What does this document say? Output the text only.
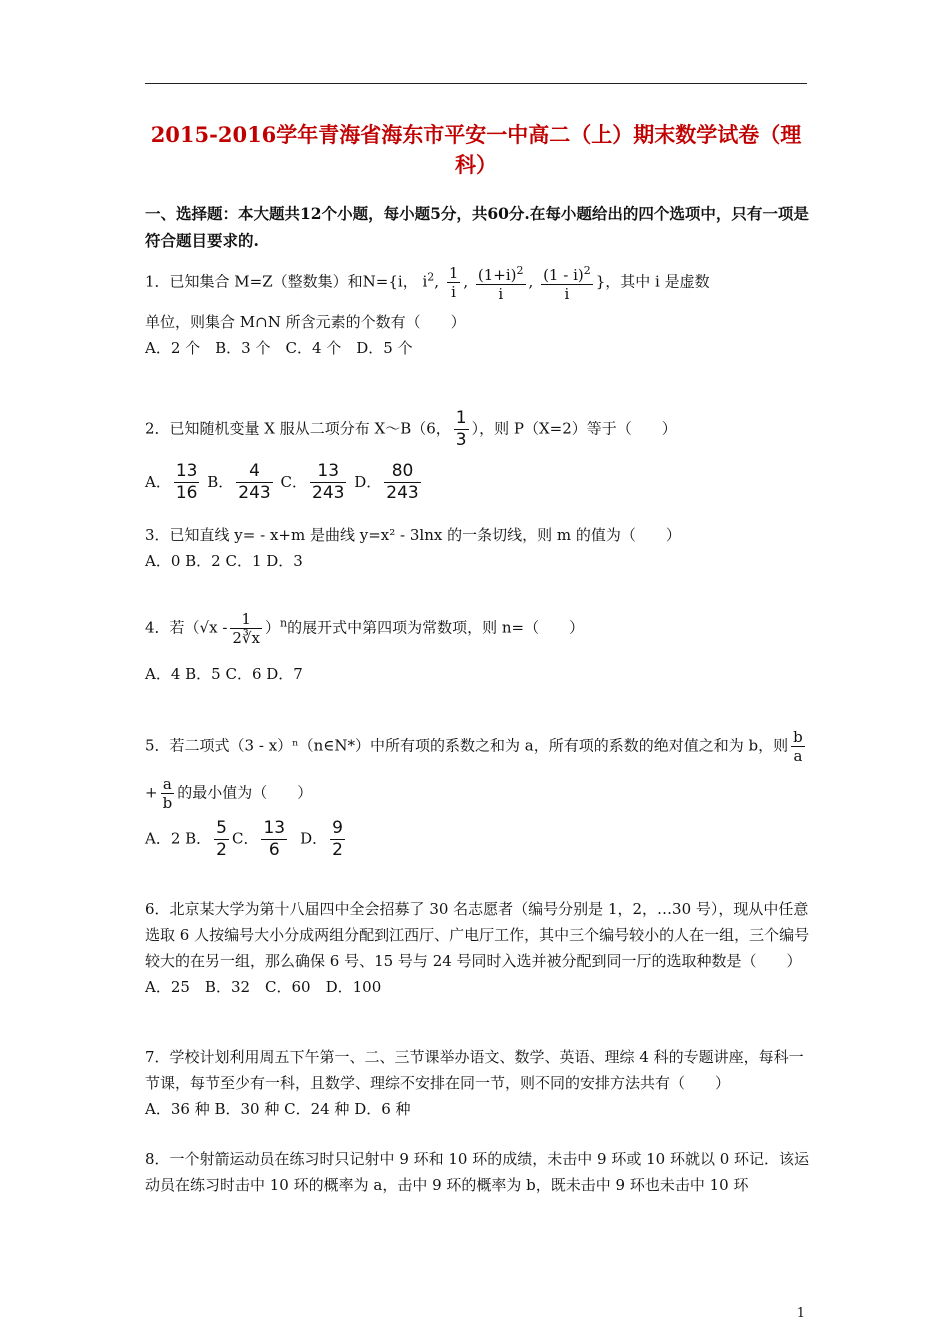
2015-2016学年青海省海东市平安一中高二（上）期末数学试卷（理科）
一、选择题：本大题共12个小题，每小题5分，共60分.在每小题给出的四个选项中，只有一项是符合题目要求的.
1．已知集合 M=Z（整数集）和N={i， $i^2$, $\frac{1}{i}$ , $\frac{(1+i)^2}{i}$ , $\frac{(1 - i)^2}{i}$ }，其中 i 是虚数
单位，则集合 M∩N 所含元素的个数有（　　）
A．2 个　B．3 个　C．4 个　D．5 个
2．已知随机变量 X 服从二项分布 X～B（6， $\frac{1}{3}$ ），则 P（X=2）等于（　　）
A． $\frac{13}{16}$ B． $\frac{4}{243}$ C． $\frac{13}{243}$ D． $\frac{80}{243}$
3．已知直线 y= - x+m 是曲线 y=x² - 3lnx 的一条切线，则 m 的值为（　　）
A．0 B．2 C．1 D．3
4．若$(√x - \frac{1}{2∛x} )^n$的展开式中第四项为常数项，则 n=（　　）
A．4 B．5 C．6 D．7
5．若二项式（3 - x）ⁿ（n∈N*）中所有项的系数之和为 a，所有项的系数的绝对值之和为 b，则 $\frac{b}{a}$
+ $\frac{a}{b}$ 的最小值为（　　）
A．2 B． $\frac{5}{2}$ C． $\frac{13}{6}$ D． $\frac{9}{2}$
6．北京某大学为第十八届四中全会招募了 30 名志愿者（编号分别是 1，2，…30 号），现从中任意选取 6 人按编号大小分成两组分配到江西厅、广电厅工作，其中三个编号较小的人在一组，三个编号较大的在另一组，那么确保 6 号、15 号与 24 号同时入选并被分配到同一厅的选取种数是（　　）
A．25　B．32　C．60　D．100
7．学校计划利用周五下午第一、二、三节课举办语文、数学、英语、理综 4 科的专题讲座，每科一节课，每节至少有一科，且数学、理综不安排在同一节，则不同的安排方法共有（　　）
A．36 种 B．30 种 C．24 种 D．6 种
8．一个射箭运动员在练习时只记射中 9 环和 10 环的成绩，未击中 9 环或 10 环就以 0 环记．该运动员在练习时击中 10 环的概率为 a，击中 9 环的概率为 b，既未击中 9 环也未击中 10 环
1
